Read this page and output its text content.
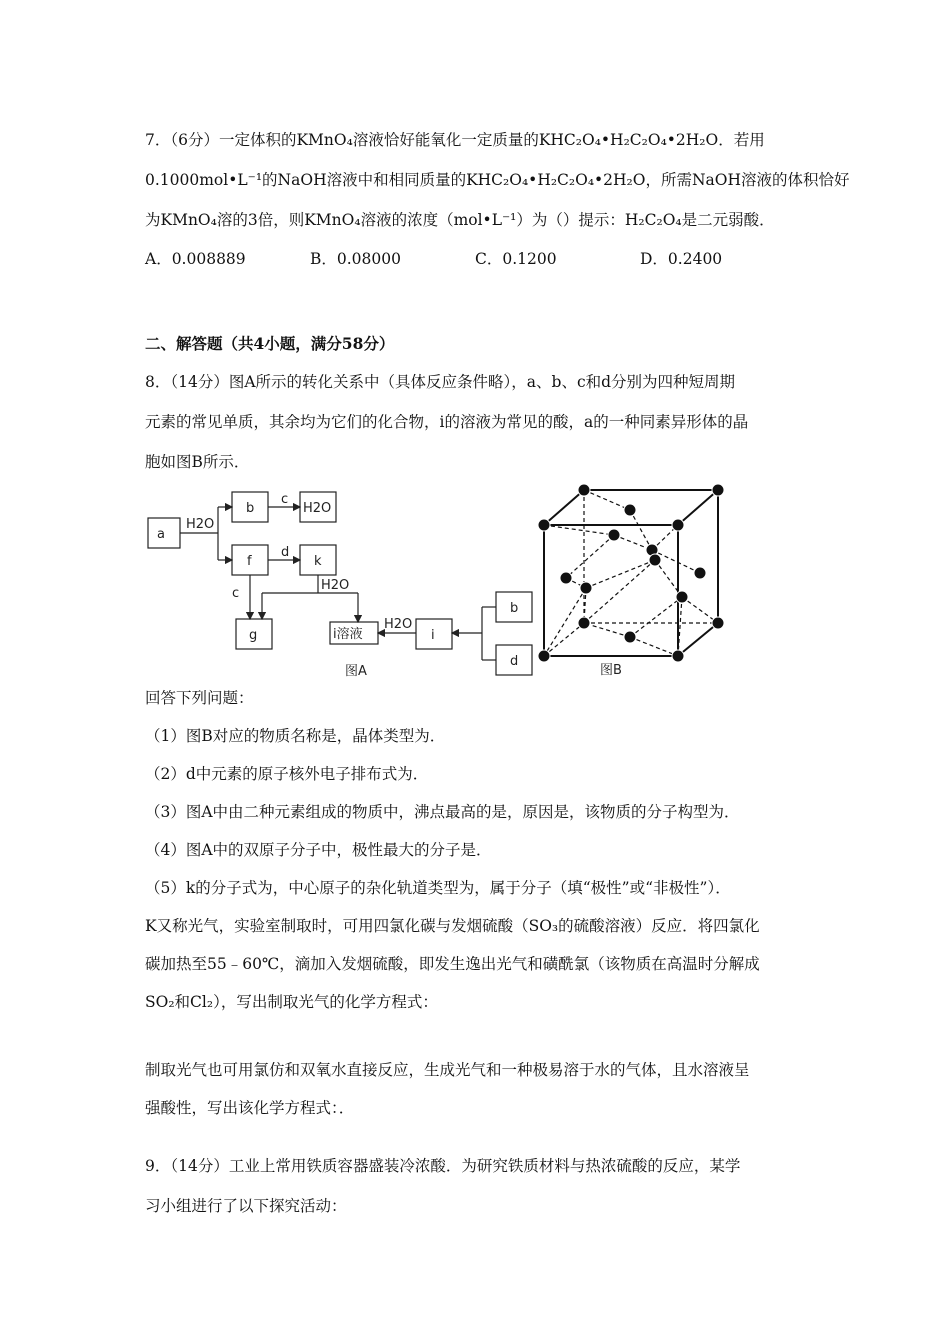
7．（6分）一定体积的KMnO₄溶液恰好能氧化一定质量的KHC₂O₄•H₂C₂O₄•2H₂O．若用
0.1000mol•L⁻¹的NaOH溶液中和相同质量的KHC₂O₄•H₂C₂O₄•2H₂O，所需NaOH溶液的体积恰好
为KMnO₄溶的3倍，则KMnO₄溶液的浓度（mol•L⁻¹）为（）提示：H₂C₂O₄是二元弱酸．
A．0.008889	B．0.08000	C．0.1200	D．0.2400
二、解答题（共4小题，满分58分）
8．（14分）图A所示的转化关系中（具体反应条件略），a、b、c和d分别为四种短周期
元素的常见单质，其余均为它们的化合物，i的溶液为常见的酸，a的一种同素异形体的晶
胞如图B所示．
a
b	H2O
f	k
g	i溶液	i
b
d
H2O
c
d
c
H2O
H2O
图A	图B
回答下列问题：
（1）图B对应的物质名称是，晶体类型为．
（2）d中元素的原子核外电子排布式为．
（3）图A中由二种元素组成的物质中，沸点最高的是，原因是，该物质的分子构型为．
（4）图A中的双原子分子中，极性最大的分子是．
（5）k的分子式为，中心原子的杂化轨道类型为，属于分子（填“极性”或“非极性”）．
K又称光气，实验室制取时，可用四氯化碳与发烟硫酸（SO₃的硫酸溶液）反应．将四氯化
碳加热至55﹣60℃，滴加入发烟硫酸，即发生逸出光气和磺酰氯（该物质在高温时分解成
SO₂和Cl₂），写出制取光气的化学方程式：
制取光气也可用氯仿和双氧水直接反应，生成光气和一种极易溶于水的气体，且水溶液呈
强酸性，写出该化学方程式：．
9．（14分）工业上常用铁质容器盛装冷浓酸．为研究铁质材料与热浓硫酸的反应，某学
习小组进行了以下探究活动：
